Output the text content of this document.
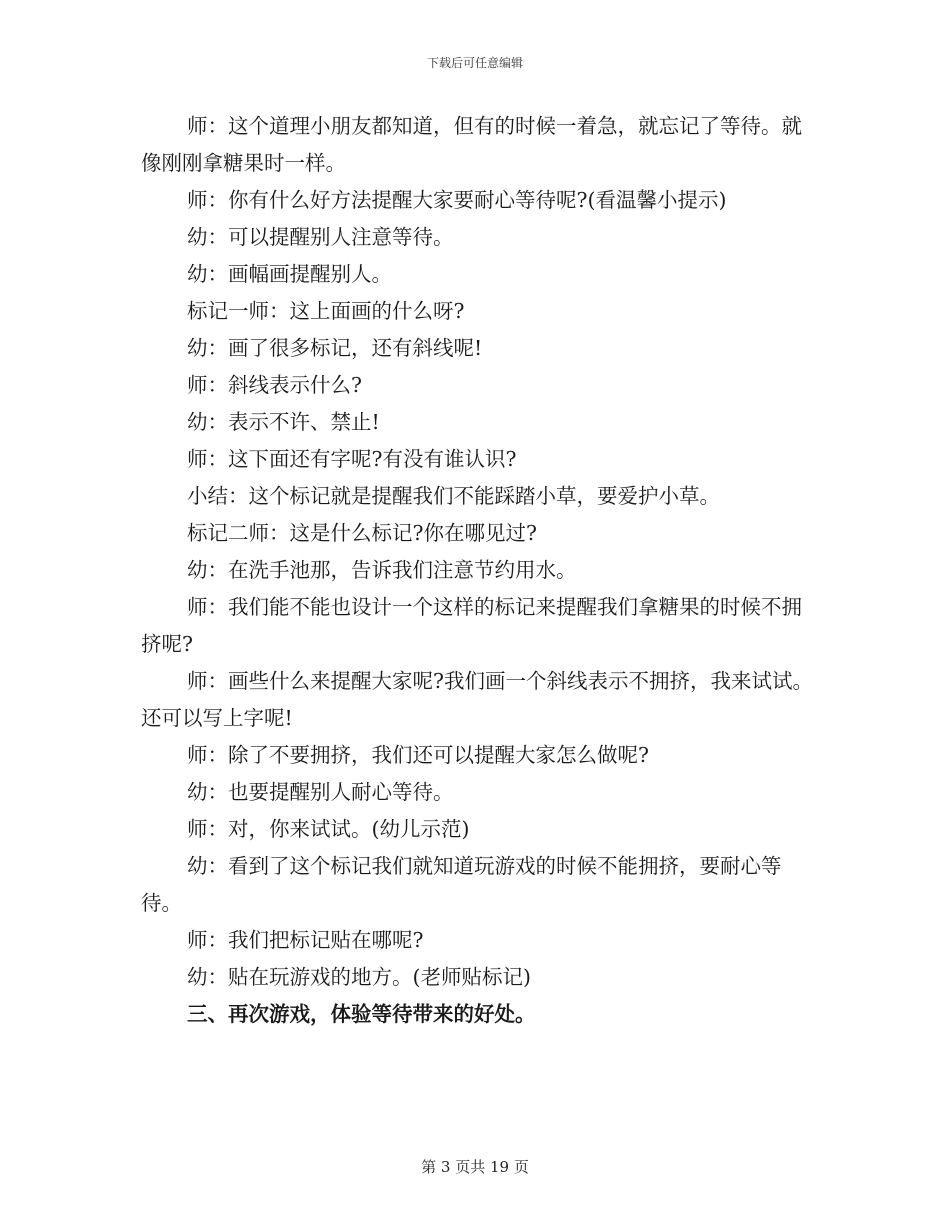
下载后可任意编辑

师：这个道理小朋友都知道，但有的时候一着急，就忘记了等待。就像刚刚拿糖果时一样。

师：你有什么好方法提醒大家要耐心等待呢?(看温馨小提示)

幼：可以提醒别人注意等待。

幼：画幅画提醒别人。

标记一师：这上面画的什么呀?

幼：画了很多标记，还有斜线呢!

师：斜线表示什么?

幼：表示不许、禁止!

师：这下面还有字呢?有没有谁认识?

小结：这个标记就是提醒我们不能踩踏小草，要爱护小草。

标记二师：这是什么标记?你在哪见过?

幼：在洗手池那，告诉我们注意节约用水。

师：我们能不能也设计一个这样的标记来提醒我们拿糖果的时候不拥挤呢?

师：画些什么来提醒大家呢?我们画一个斜线表示不拥挤，我来试试。还可以写上字呢!

师：除了不要拥挤，我们还可以提醒大家怎么做呢?

幼：也要提醒别人耐心等待。

师：对，你来试试。(幼儿示范)

幼：看到了这个标记我们就知道玩游戏的时候不能拥挤，要耐心等待。

师：我们把标记贴在哪呢?

幼：贴在玩游戏的地方。(老师贴标记)

三、再次游戏，体验等待带来的好处。

第 3 页共 19 页
